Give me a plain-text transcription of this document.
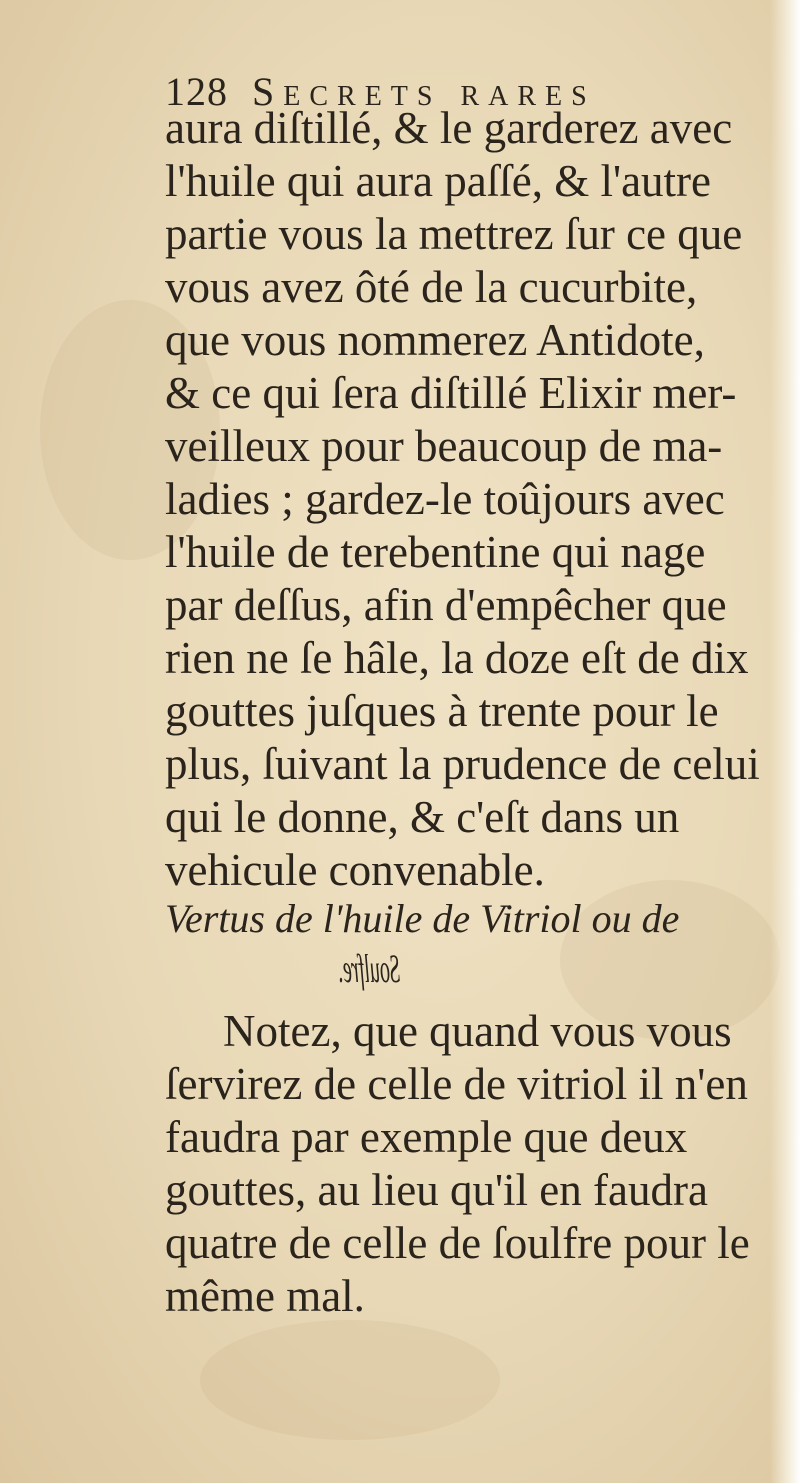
128 Secrets rares
aura diſtillé, & le garderez avec
l'huile qui aura paſſé, & l'autre
partie vous la mettrez ſur ce que
vous avez ôté de la cucurbite,
que vous nommerez Antidote,
& ce qui ſera diſtillé Elixir mer-
veilleux pour beaucoup de ma-
ladies ; gardez-le toûjours avec
l'huile de terebentine qui nage
par deſſus, afin d'empêcher que
rien ne ſe hâle, la doze eſt de dix
gouttes juſques à trente pour le
plus, ſuivant la prudence de celui
qui le donne, & c'eſt dans un
vehicule convenable.
Vertus de l'huile de Vitriol ou de
Soulfre.
Notez, que quand vous vous
ſervirez de celle de vitriol il n'en
faudra par exemple que deux
gouttes, au lieu qu'il en faudra
quatre de celle de ſoulfre pour le
même mal.
